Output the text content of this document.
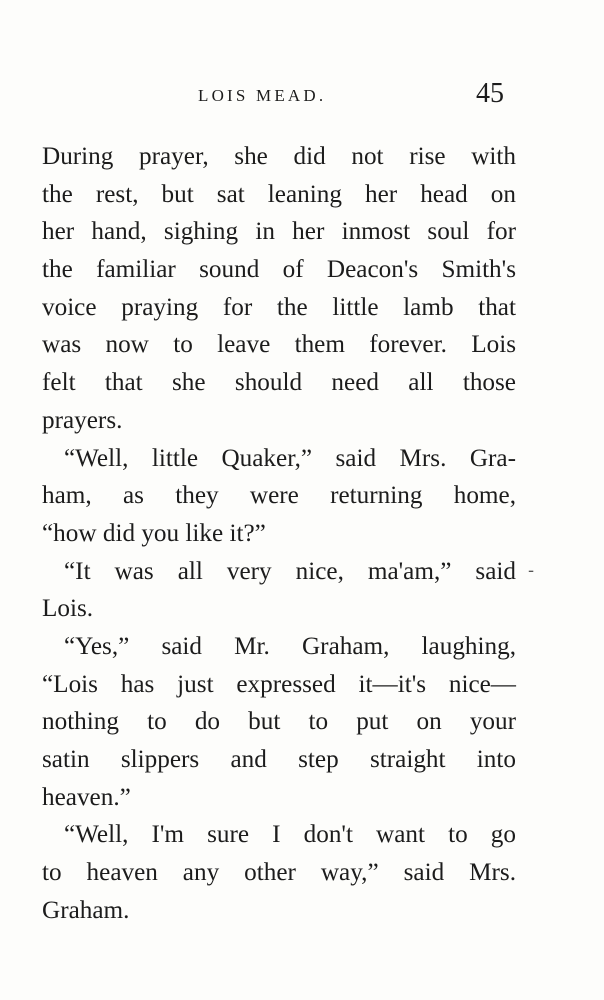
LOIS MEAD.	45
During prayer, she did not rise with
the rest, but sat leaning her head on
her hand, sighing in her inmost soul for
the familiar sound of Deacon's Smith's
voice praying for the little lamb that
was now to leave them forever. Lois
felt that she should need all those
prayers.
“Well, little Quaker,” said Mrs. Gra-
ham, as they were returning home,
“how did you like it?”
“It was all very nice, ma'am,” said
Lois.
“Yes,” said Mr. Graham, laughing,
“Lois has just expressed it—it's nice—
nothing to do but to put on your
satin slippers and step straight into
heaven.”
“Well, I'm sure I don't want to go
to heaven any other way,” said Mrs.
Graham.
-
